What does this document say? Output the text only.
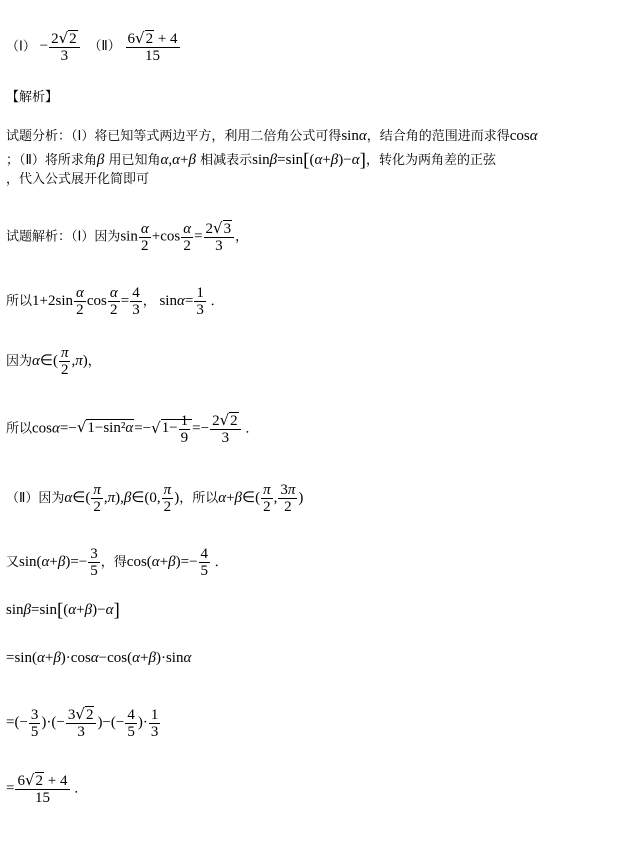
（Ⅰ） − $\frac{2√2}{3}$ （Ⅱ） $\frac{6√2 + 4}{15}$
【解析】
试题分析：（Ⅰ）将已知等式两边平方，利用二倍角公式可得sinα，结合角的范围进而求得cosα
；（Ⅱ）将所求角β 用已知角α,α+β 相减表示sinβ=sin[(α+β)−α]，转化为两角差的正弦
，代入公式展开化简即可
试题解析：（Ⅰ）因为$\sin \frac{\alpha}{2} +\cos \frac{\alpha}{2} = \frac{2√3}{3}$ ，
所以$1+2\sin \frac{\alpha}{2}$ $\cos \frac{\alpha}{2} = \frac{4}{3}$ ， $\sin\alpha= \frac{1}{3}$ ．
因为α∈( $\frac{\pi}{2} ,\pi$)，
所以$\cos\alpha=-√1-\sin^2\alpha=-√1- \frac{1}{9} =- \frac{2√2}{3}$ ．
（Ⅱ）因为α∈( $\frac{\pi}{2}$ ,π),β∈(0, $\frac{\pi}{2}$ )，所以α+β∈( $\frac{\pi}{2}$ , $\frac{3\pi}{2}$ )
又$\sin(\alpha+\beta)=- \frac{3}{5}$ ，得$\cos(\alpha+\beta)=- \frac{4}{5}$ ．
sinβ=sin[(α+β)−α]
=sin(α+β)·cosα−cos(α+β)·sinα
=(− $\frac{3}{5}$ )·(− $\frac{3√2}{3}$ )−(− $\frac{4}{5}$ )· $\frac{1}{3}$
= $\frac{6√2 + 4}{15}$ ．
